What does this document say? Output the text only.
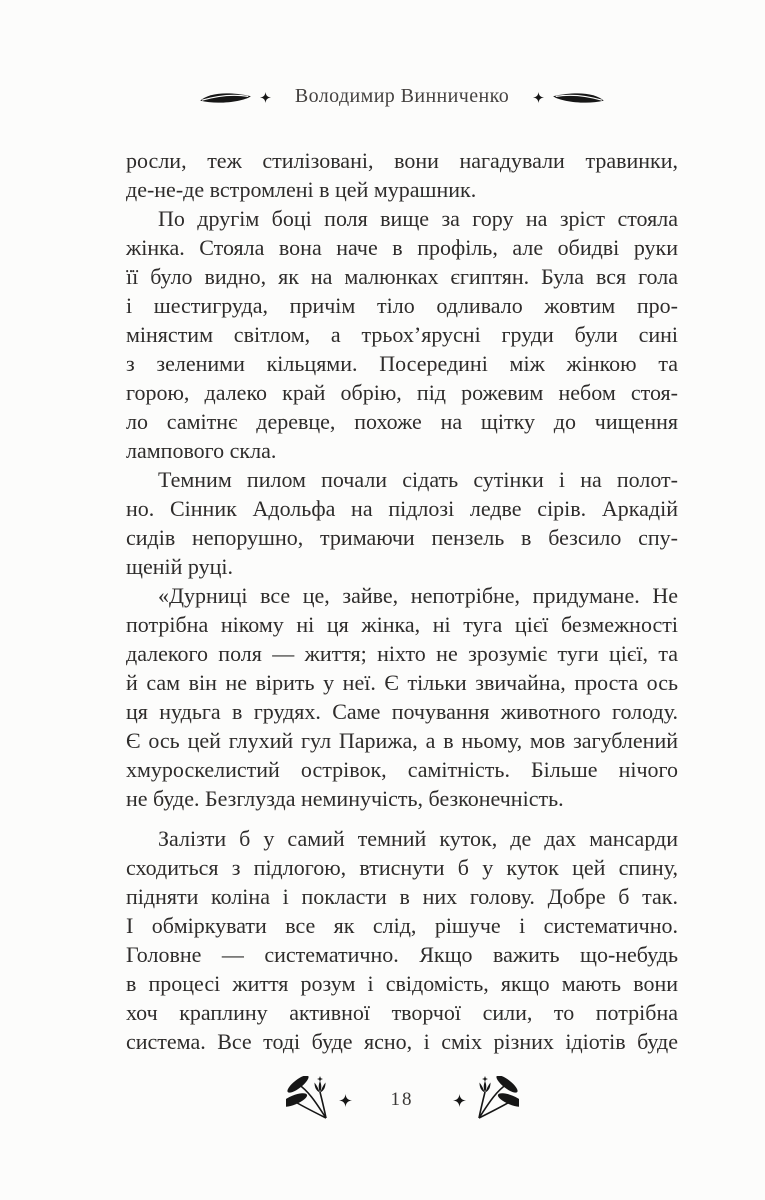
Володимир Винниченко
росли, теж стилізовані, вони нагадували травинки,
де-не-де встромлені в цей мурашник.
По другім боці поля вище за гору на зріст стояла
жінка. Стояла вона наче в профіль, але обидві руки
її було видно, як на малюнках єгиптян. Була вся гола
і шестигруда, причім тіло одливало жовтим про-
мінястим світлом, а трьох’ярусні груди були сині
з зеленими кільцями. Посередині між жінкою та
горою, далеко край обрію, під рожевим небом стоя-
ло самітнє деревце, похоже на щітку до чищення
лампового скла.
Темним пилом почали сідать сутінки і на полот-
но. Сінник Адольфа на підлозі ледве сірів. Аркадій
сидів непорушно, тримаючи пензель в безсило спу-
щеній руці.
«Дурниці все це, зайве, непотрібне, придумане. Не
потрібна нікому ні ця жінка, ні туга цієї безмежності
далекого поля — життя; ніхто не зрозуміє туги цієї, та
й сам він не вірить у неї. Є тільки звичайна, проста ось
ця нудьга в грудях. Саме почування животного голоду.
Є ось цей глухий гул Парижа, а в ньому, мов загублений
хмуроскелистий острівок, самітність. Більше нічого
не буде. Безглузда неминучість, безконечність.
Залізти б у самий темний куток, де дах мансарди
сходиться з підлогою, втиснути б у куток цей спину,
підняти коліна і покласти в них голову. Добре б так.
І обміркувати все як слід, рішуче і систематично.
Головне — систематично. Якщо важить що-небудь
в процесі життя розум і свідомість, якщо мають вони
хоч краплину активної творчої сили, то потрібна
система. Все тоді буде ясно, і сміх різних ідіотів буде
18
